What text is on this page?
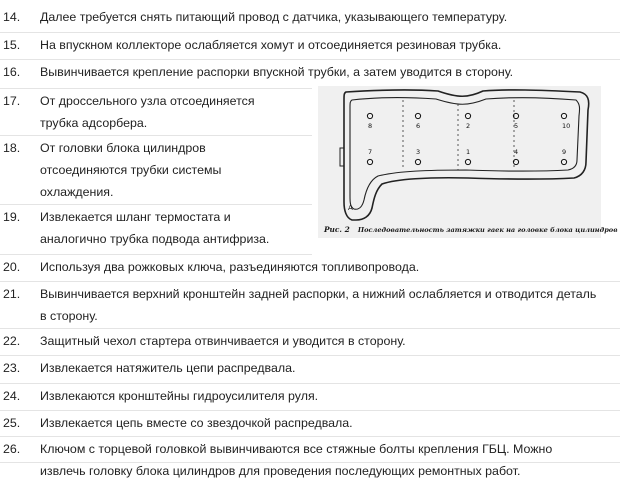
14. Далее требуется снять питающий провод с датчика, указывающего температуру.
15. На впускном коллекторе ослабляется хомут и отсоединяется резиновая трубка.
16. Вывинчивается крепление распорки впускной трубки, а затем уводится в сторону.
17. От дроссельного узла отсоединяется
трубка адсорбера.
18. От головки блока цилиндров
отсоединяются трубки системы
охлаждения.
19. Извлекается шланг термостата и
аналогично трубка подвода антифриза.
20. Используя два рожковых ключа, разъединяются топливопровода.
21. Вывинчивается верхний кронштейн задней распорки, а нижний ослабляется и отводится деталь
в сторону.
22. Защитный чехол стартера отвинчивается и уводится в сторону.
23. Извлекается натяжитель цепи распредвала.
24. Извлекаются кронштейны гидроусилителя руля.
25. Извлекается цепь вместе со звездочкой распредвала.
26. Ключом с торцевой головкой вывинчиваются все стяжные болты крепления ГБЦ. Можно
извлечь головку блока цилиндров для проведения последующих ремонтных работ.
8	6	2	5	10
7	3	1	4	9
A
Рис. 2 Последовательность затяжки гаек на головке блока цилиндров
